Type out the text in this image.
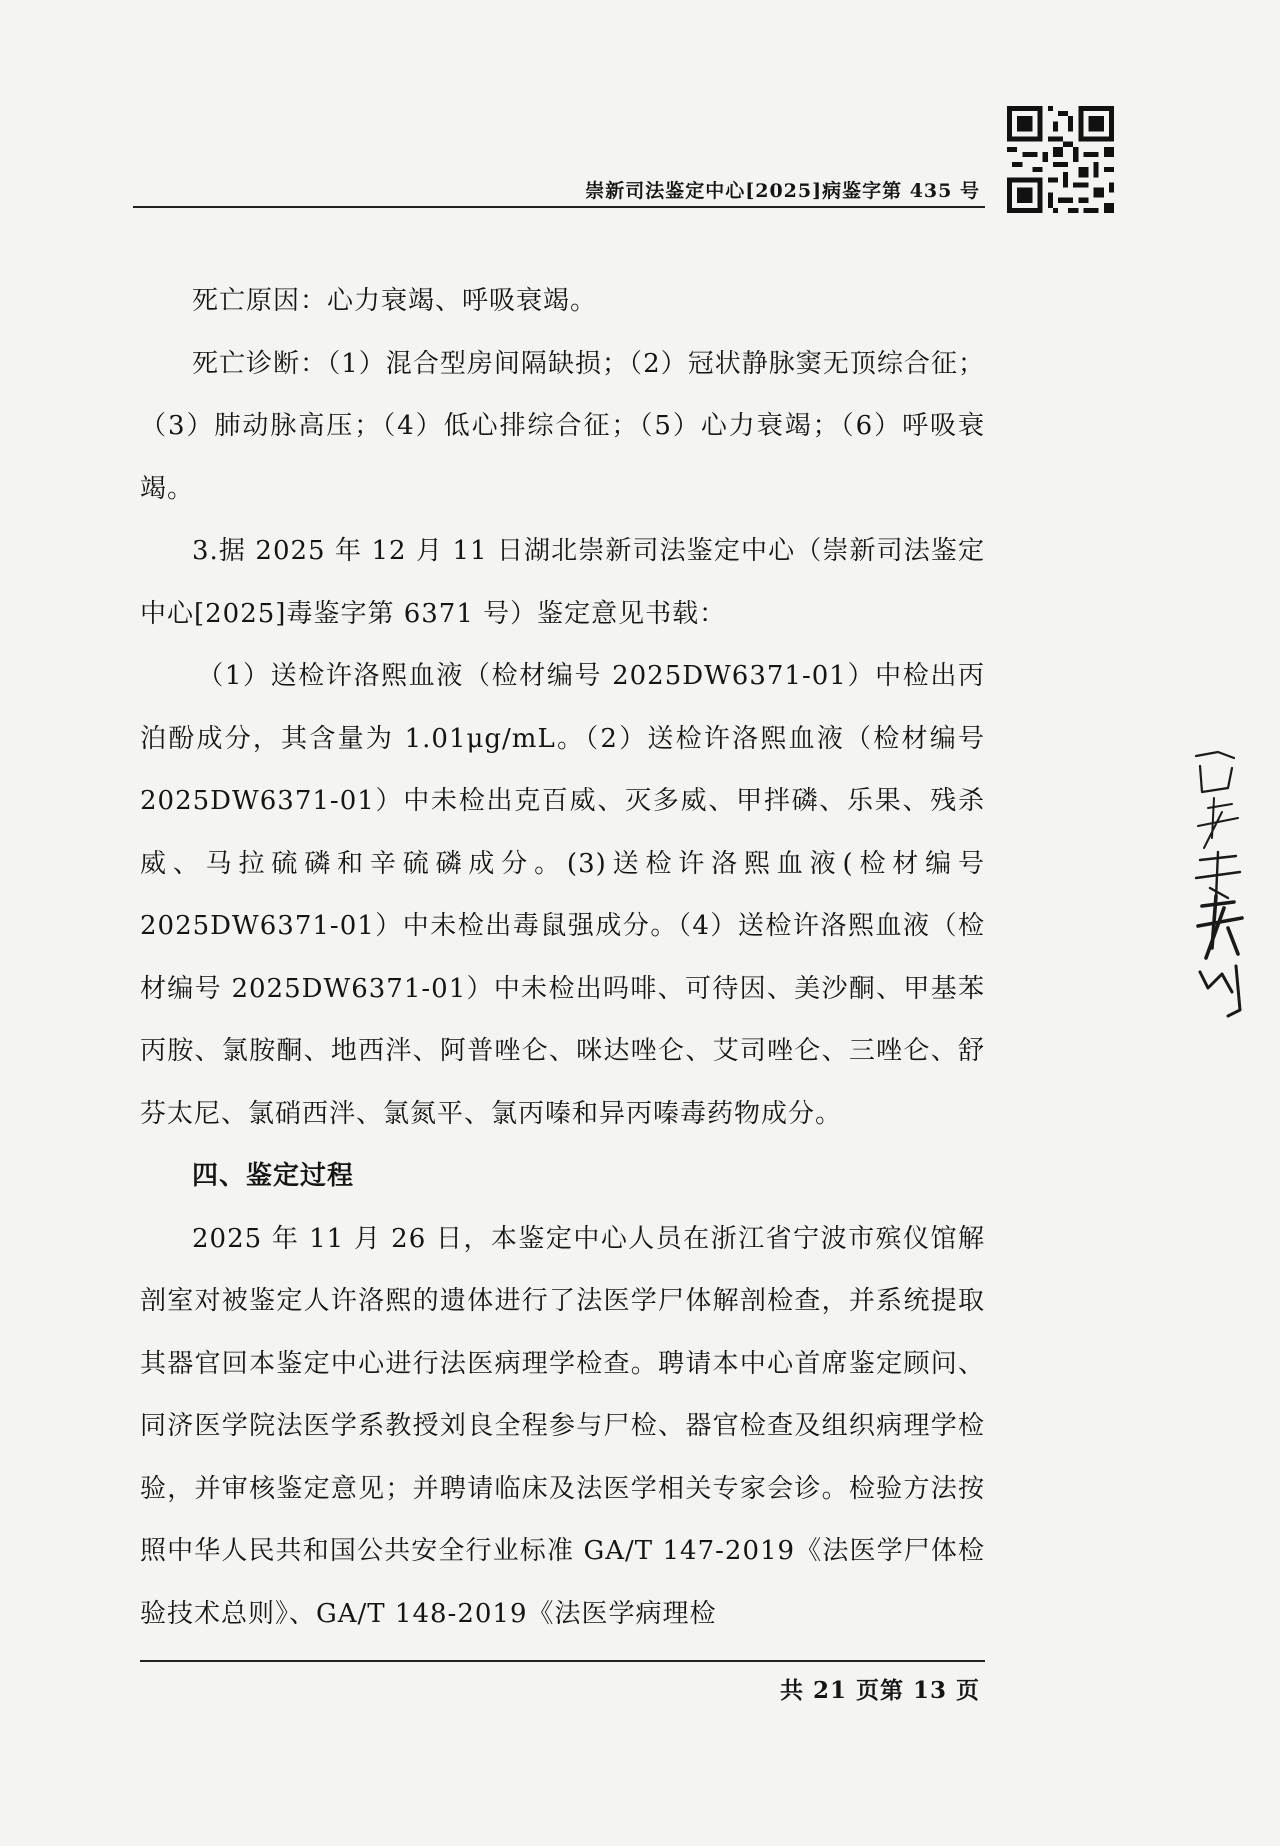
崇新司法鉴定中心[2025]病鉴字第 435 号

死亡原因：心力衰竭、呼吸衰竭。

死亡诊断：（1）混合型房间隔缺损；（2）冠状静脉窦无顶综合征；（3）肺动脉高压；（4）低心排综合征；（5）心力衰竭；（6）呼吸衰竭。

3.据 2025 年 12 月 11 日湖北崇新司法鉴定中心（崇新司法鉴定中心[2025]毒鉴字第 6371 号）鉴定意见书载：

（1）送检许洛熙血液（检材编号 2025DW6371-01）中检出丙泊酚成分，其含量为 1.01μg/mL。（2）送检许洛熙血液（检材编号 2025DW6371-01）中未检出克百威、灭多威、甲拌磷、乐果、残杀威、马拉硫磷和辛硫磷成分。(3)送检许洛熙血液(检材编号 2025DW6371-01）中未检出毒鼠强成分。（4）送检许洛熙血液（检材编号 2025DW6371-01）中未检出吗啡、可待因、美沙酮、甲基苯丙胺、氯胺酮、地西泮、阿普唑仑、咪达唑仑、艾司唑仑、三唑仑、舒芬太尼、氯硝西泮、氯氮平、氯丙嗪和异丙嗪毒药物成分。

四、鉴定过程

2025 年 11 月 26 日，本鉴定中心人员在浙江省宁波市殡仪馆解剖室对被鉴定人许洛熙的遗体进行了法医学尸体解剖检查，并系统提取其器官回本鉴定中心进行法医病理学检查。聘请本中心首席鉴定顾问、同济医学院法医学系教授刘良全程参与尸检、器官检查及组织病理学检验，并审核鉴定意见；并聘请临床及法医学相关专家会诊。检验方法按照中华人民共和国公共安全行业标准 GA/T 147-2019《法医学尸体检验技术总则》、GA/T 148-2019《法医学病理检

共 21 页第 13 页
